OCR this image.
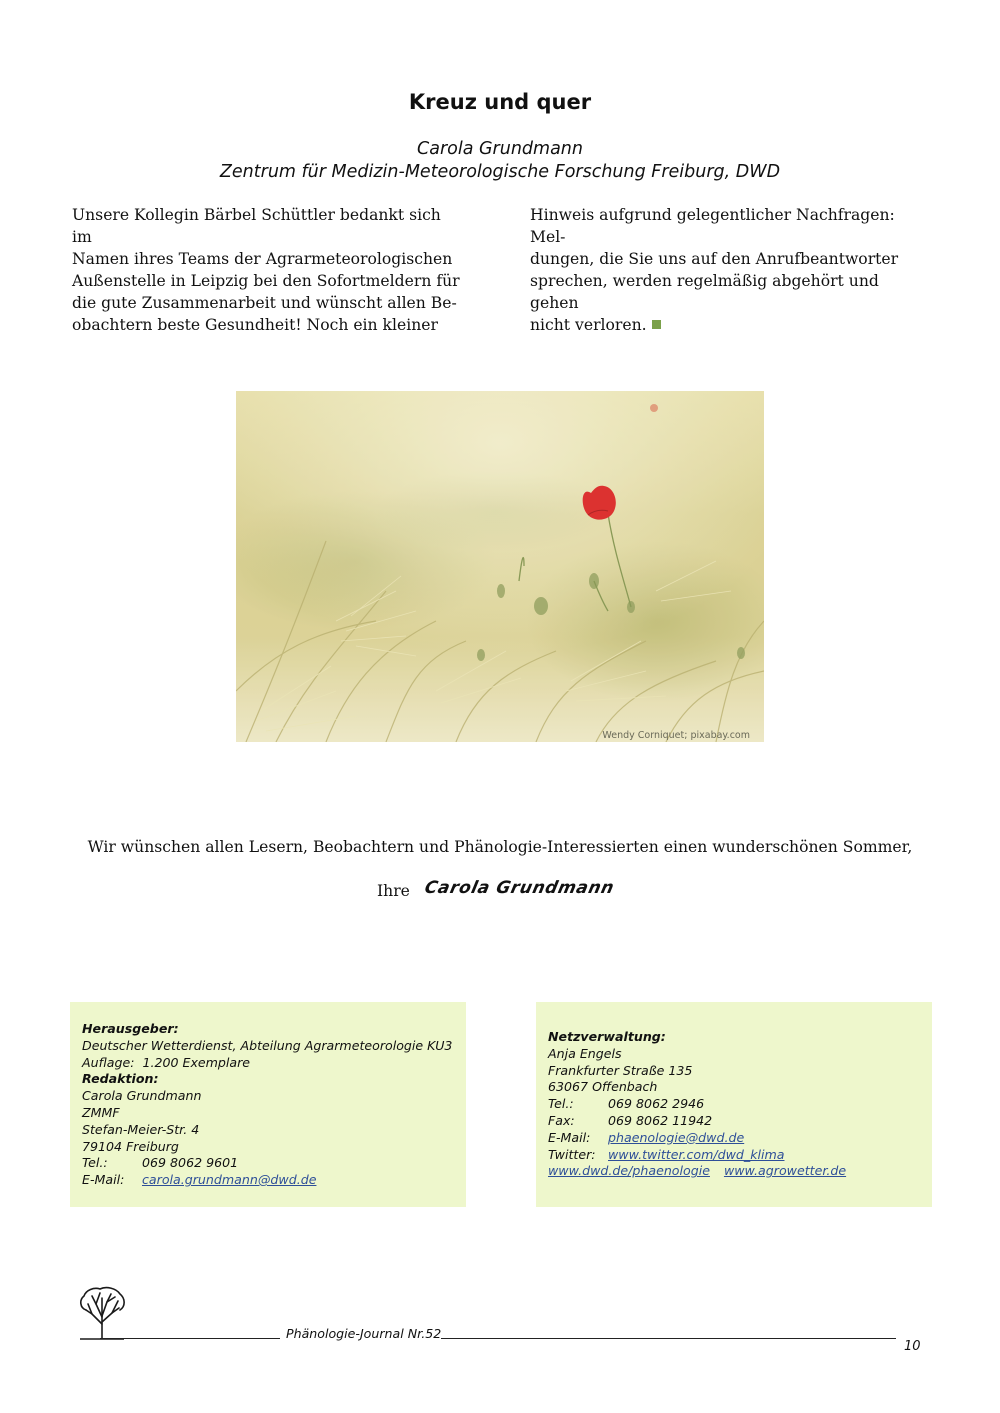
Kreuz und quer
Carola Grundmann
Zentrum für Medizin-Meteorologische Forschung Freiburg, DWD
Unsere Kollegin Bärbel Schüttler bedankt sich im
Namen ihres Teams der Agrarmeteorologischen
Außenstelle in Leipzig bei den Sofortmeldern für
die gute Zusammenarbeit und wünscht allen Be-
obachtern beste Gesundheit! Noch ein kleiner
Hinweis aufgrund gelegentlicher Nachfragen: Mel-
dungen, die Sie uns auf den Anrufbeantworter
sprechen, werden regelmäßig abgehört und gehen
nicht verloren.
Wendy Corniquet; pixabay.com
Wir wünschen allen Lesern, Beobachtern und Phänologie-Interessierten einen wunderschönen Sommer,
Ihre Carola Grundmann
Herausgeber:
Deutscher Wetterdienst, Abteilung Agrarmeteorologie KU3
Auflage:  1.200 Exemplare
Redaktion:
Carola Grundmann
ZMMF
Stefan-Meier-Str. 4
79104 Freiburg
Tel.:	069 8062 9601
E-Mail: carola.grundmann@dwd.de
Netzverwaltung:
Anja Engels
Frankfurter Straße 135
63067 Offenbach
Tel.:	069 8062 2946
Fax:	069 8062 11942
E-Mail: phaenologie@dwd.de
Twitter: www.twitter.com/dwd_klima
www.dwd.de/phaenologie www.agrowetter.de
Phänologie-Journal Nr.52
10
